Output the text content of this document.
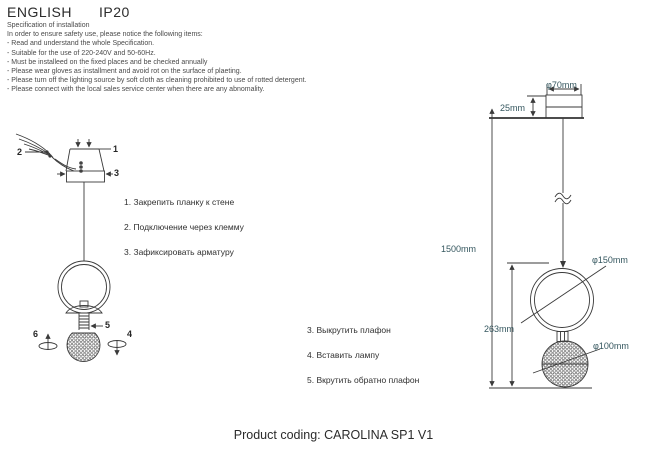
ENGLISH IP20
Specification of installation
In order to ensure safety use, please notice the following items:
- Read and understand the whole Specification.
- Suitable for the use of 220-240V and 50-60Hz.
- Must be installeed on the fixed places and be checked annually
- Please wear gloves as installment and avoid rot on the surface of plaeting.
- Please turn off the lighting source by soft cloth as cleaning prohibited to use of rotted detergent.
- Please connect with the local sales service center when there are any abnomality.
1
2
3
5
6	4
1. Закрепить планку к стене
2. Подключение через клемму
3. Зафиксировать арматуру
3. Выкрутить плафон
4. Вставить лампу
5. Вкрутить обратно плафон
φ70mm
25mm
1500mm
φ150mm
263mm
φ100mm
Product coding: CAROLINA SP1 V1
